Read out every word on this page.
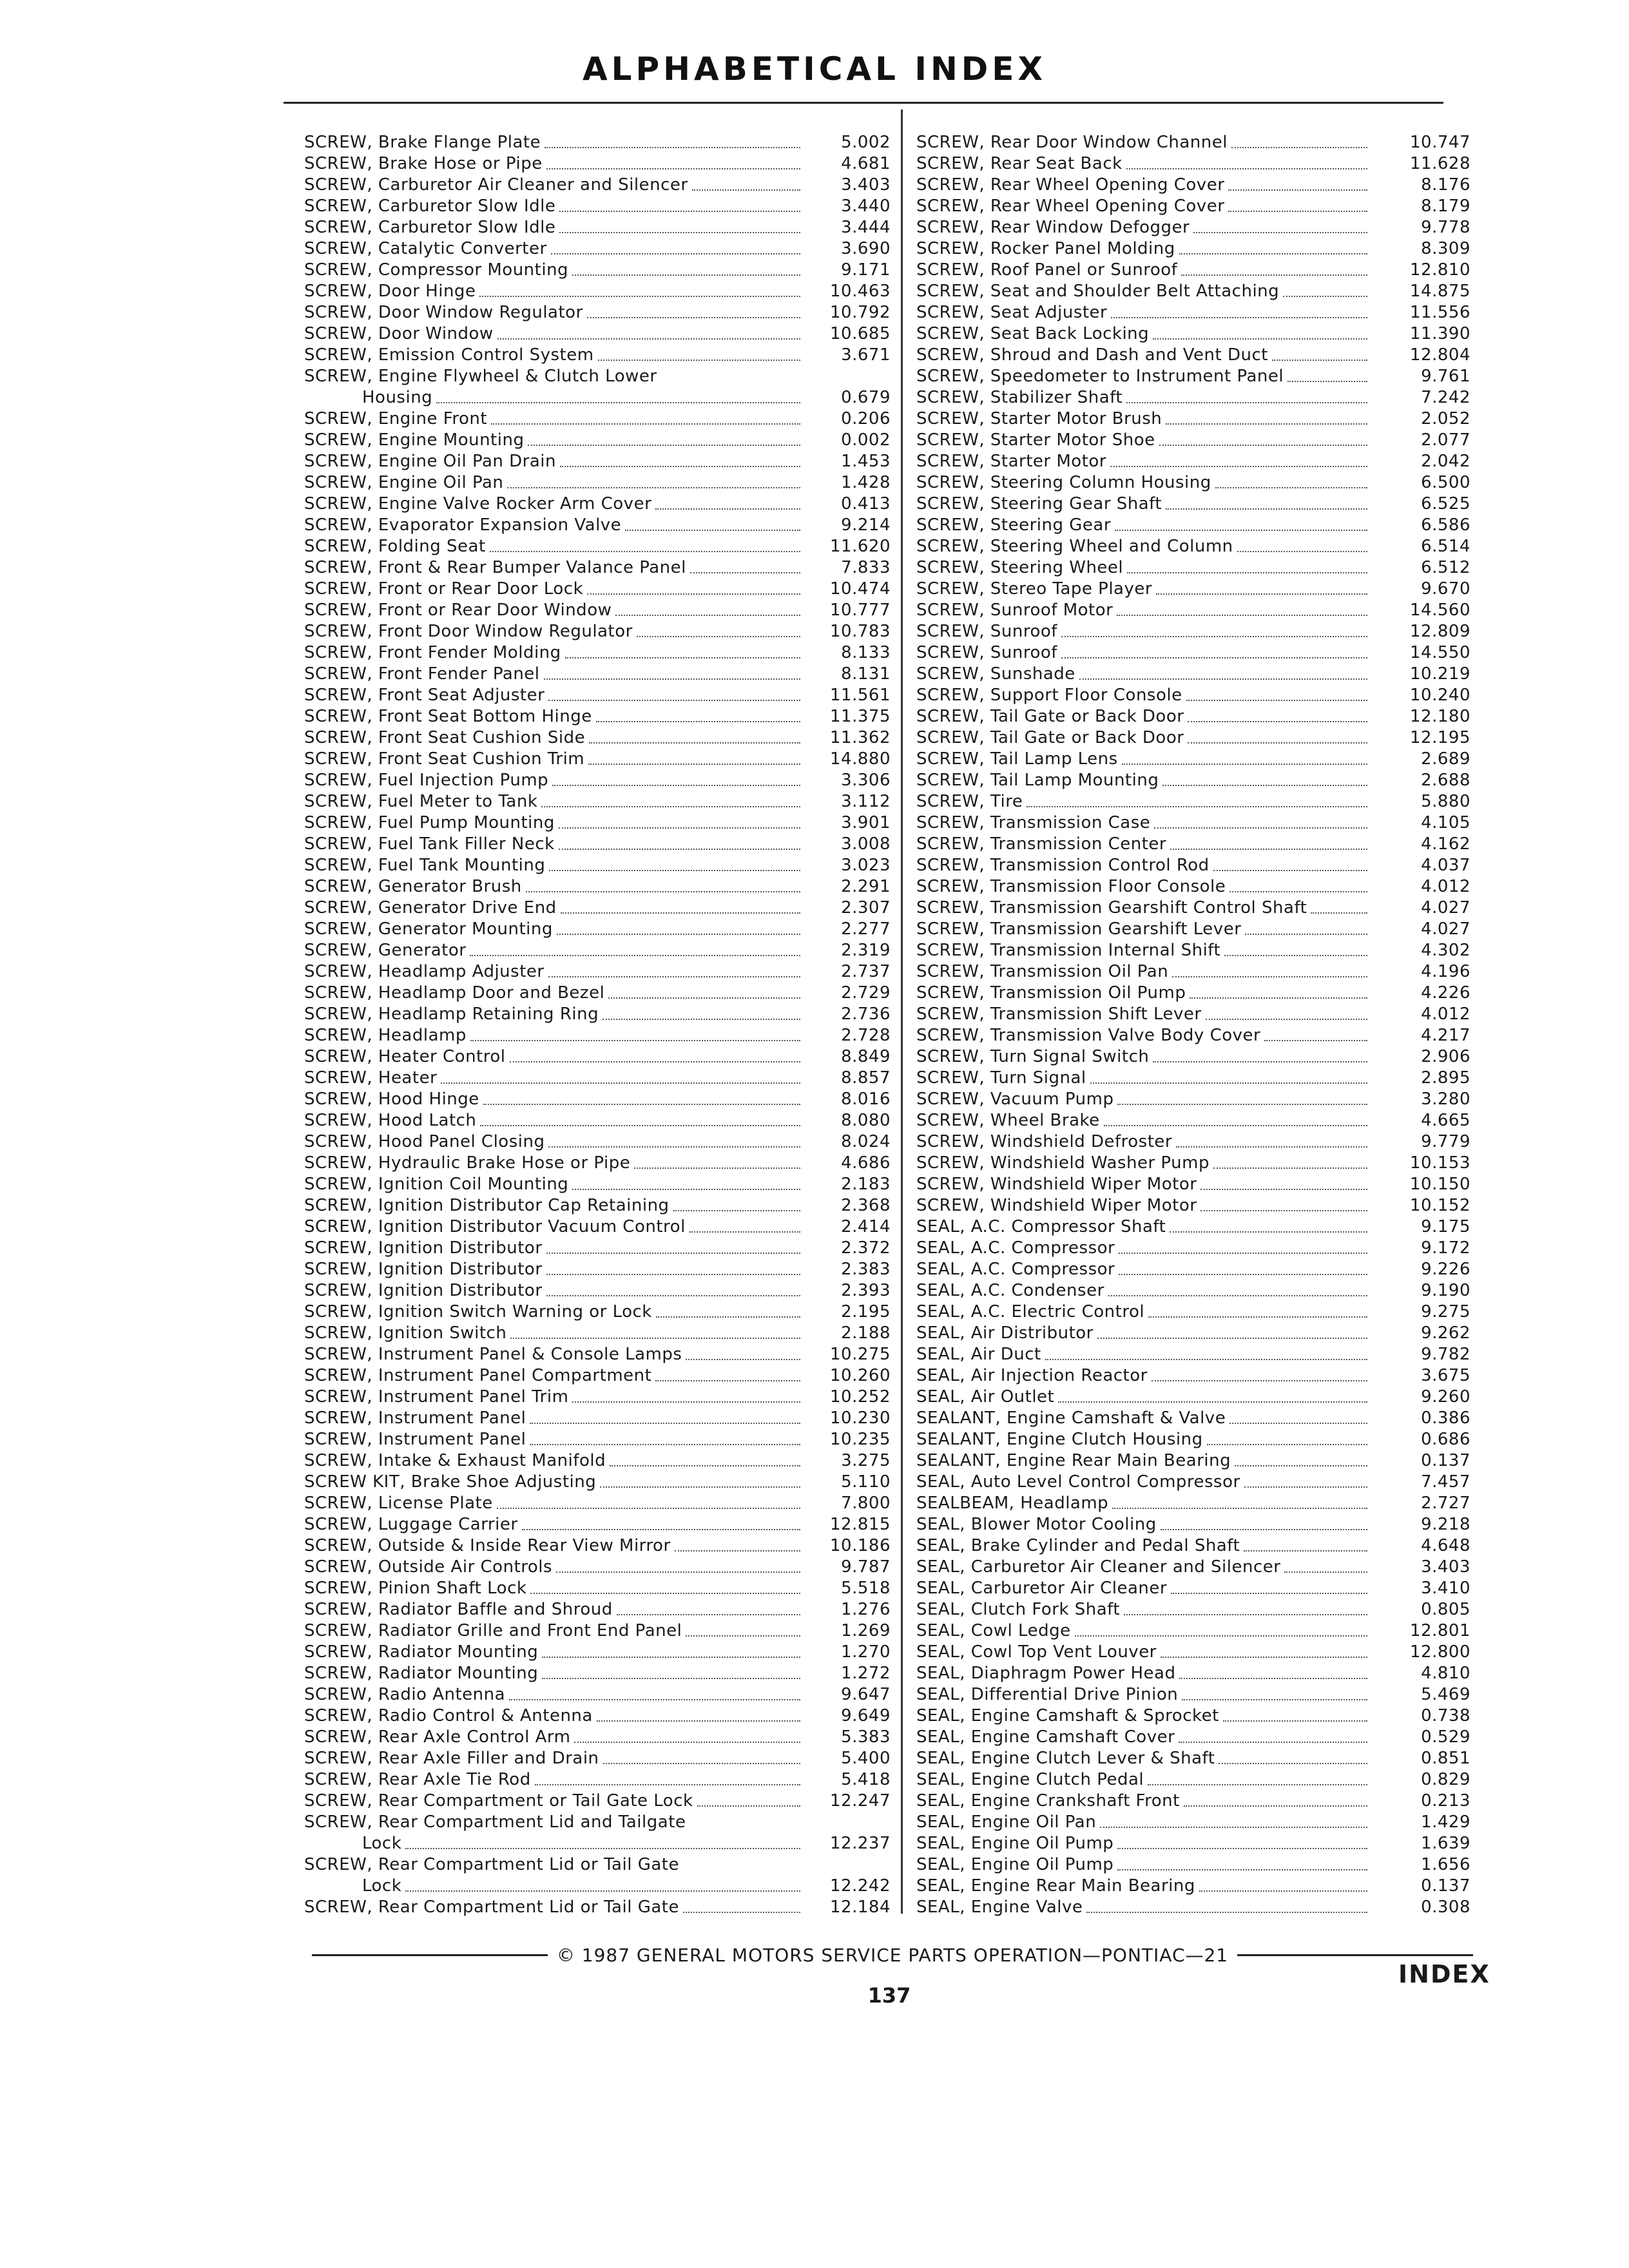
ALPHABETICAL INDEX
SCREW, Brake Flange Plate	5.002
SCREW, Brake Hose or Pipe	4.681
SCREW, Carburetor Air Cleaner and Silencer	3.403
SCREW, Carburetor Slow Idle	3.440
SCREW, Carburetor Slow Idle	3.444
SCREW, Catalytic Converter	3.690
SCREW, Compressor Mounting	9.171
SCREW, Door Hinge	10.463
SCREW, Door Window Regulator	10.792
SCREW, Door Window	10.685
SCREW, Emission Control System	3.671
SCREW, Engine Flywheel & Clutch Lower
Housing	0.679
SCREW, Engine Front	0.206
SCREW, Engine Mounting	0.002
SCREW, Engine Oil Pan Drain	1.453
SCREW, Engine Oil Pan	1.428
SCREW, Engine Valve Rocker Arm Cover	0.413
SCREW, Evaporator Expansion Valve	9.214
SCREW, Folding Seat	11.620
SCREW, Front & Rear Bumper Valance Panel	7.833
SCREW, Front or Rear Door Lock	10.474
SCREW, Front or Rear Door Window	10.777
SCREW, Front Door Window Regulator	10.783
SCREW, Front Fender Molding	8.133
SCREW, Front Fender Panel	8.131
SCREW, Front Seat Adjuster	11.561
SCREW, Front Seat Bottom Hinge	11.375
SCREW, Front Seat Cushion Side	11.362
SCREW, Front Seat Cushion Trim	14.880
SCREW, Fuel Injection Pump	3.306
SCREW, Fuel Meter to Tank	3.112
SCREW, Fuel Pump Mounting	3.901
SCREW, Fuel Tank Filler Neck	3.008
SCREW, Fuel Tank Mounting	3.023
SCREW, Generator Brush	2.291
SCREW, Generator Drive End	2.307
SCREW, Generator Mounting	2.277
SCREW, Generator	2.319
SCREW, Headlamp Adjuster	2.737
SCREW, Headlamp Door and Bezel	2.729
SCREW, Headlamp Retaining Ring	2.736
SCREW, Headlamp	2.728
SCREW, Heater Control	8.849
SCREW, Heater	8.857
SCREW, Hood Hinge	8.016
SCREW, Hood Latch	8.080
SCREW, Hood Panel Closing	8.024
SCREW, Hydraulic Brake Hose or Pipe	4.686
SCREW, Ignition Coil Mounting	2.183
SCREW, Ignition Distributor Cap Retaining	2.368
SCREW, Ignition Distributor Vacuum Control	2.414
SCREW, Ignition Distributor	2.372
SCREW, Ignition Distributor	2.383
SCREW, Ignition Distributor	2.393
SCREW, Ignition Switch Warning or Lock	2.195
SCREW, Ignition Switch	2.188
SCREW, Instrument Panel & Console Lamps	10.275
SCREW, Instrument Panel Compartment	10.260
SCREW, Instrument Panel Trim	10.252
SCREW, Instrument Panel	10.230
SCREW, Instrument Panel	10.235
SCREW, Intake & Exhaust Manifold	3.275
SCREW KIT, Brake Shoe Adjusting	5.110
SCREW, License Plate	7.800
SCREW, Luggage Carrier	12.815
SCREW, Outside & Inside Rear View Mirror	10.186
SCREW, Outside Air Controls	9.787
SCREW, Pinion Shaft Lock	5.518
SCREW, Radiator Baffle and Shroud	1.276
SCREW, Radiator Grille and Front End Panel	1.269
SCREW, Radiator Mounting	1.270
SCREW, Radiator Mounting	1.272
SCREW, Radio Antenna	9.647
SCREW, Radio Control & Antenna	9.649
SCREW, Rear Axle Control Arm	5.383
SCREW, Rear Axle Filler and Drain	5.400
SCREW, Rear Axle Tie Rod	5.418
SCREW, Rear Compartment or Tail Gate Lock	12.247
SCREW, Rear Compartment Lid and Tailgate
Lock	12.237
SCREW, Rear Compartment Lid or Tail Gate
Lock	12.242
SCREW, Rear Compartment Lid or Tail Gate	12.184
SCREW, Rear Door Window Channel	10.747
SCREW, Rear Seat Back	11.628
SCREW, Rear Wheel Opening Cover	8.176
SCREW, Rear Wheel Opening Cover	8.179
SCREW, Rear Window Defogger	9.778
SCREW, Rocker Panel Molding	8.309
SCREW, Roof Panel or Sunroof	12.810
SCREW, Seat and Shoulder Belt Attaching	14.875
SCREW, Seat Adjuster	11.556
SCREW, Seat Back Locking	11.390
SCREW, Shroud and Dash and Vent Duct	12.804
SCREW, Speedometer to Instrument Panel	9.761
SCREW, Stabilizer Shaft	7.242
SCREW, Starter Motor Brush	2.052
SCREW, Starter Motor Shoe	2.077
SCREW, Starter Motor	2.042
SCREW, Steering Column Housing	6.500
SCREW, Steering Gear Shaft	6.525
SCREW, Steering Gear	6.586
SCREW, Steering Wheel and Column	6.514
SCREW, Steering Wheel	6.512
SCREW, Stereo Tape Player	9.670
SCREW, Sunroof Motor	14.560
SCREW, Sunroof	12.809
SCREW, Sunroof	14.550
SCREW, Sunshade	10.219
SCREW, Support Floor Console	10.240
SCREW, Tail Gate or Back Door	12.180
SCREW, Tail Gate or Back Door	12.195
SCREW, Tail Lamp Lens	2.689
SCREW, Tail Lamp Mounting	2.688
SCREW, Tire	5.880
SCREW, Transmission Case	4.105
SCREW, Transmission Center	4.162
SCREW, Transmission Control Rod	4.037
SCREW, Transmission Floor Console	4.012
SCREW, Transmission Gearshift Control Shaft	4.027
SCREW, Transmission Gearshift Lever	4.027
SCREW, Transmission Internal Shift	4.302
SCREW, Transmission Oil Pan	4.196
SCREW, Transmission Oil Pump	4.226
SCREW, Transmission Shift Lever	4.012
SCREW, Transmission Valve Body Cover	4.217
SCREW, Turn Signal Switch	2.906
SCREW, Turn Signal	2.895
SCREW, Vacuum Pump	3.280
SCREW, Wheel Brake	4.665
SCREW, Windshield Defroster	9.779
SCREW, Windshield Washer Pump	10.153
SCREW, Windshield Wiper Motor	10.150
SCREW, Windshield Wiper Motor	10.152
SEAL, A.C. Compressor Shaft	9.175
SEAL, A.C. Compressor	9.172
SEAL, A.C. Compressor	9.226
SEAL, A.C. Condenser	9.190
SEAL, A.C. Electric Control	9.275
SEAL, Air Distributor	9.262
SEAL, Air Duct	9.782
SEAL, Air Injection Reactor	3.675
SEAL, Air Outlet	9.260
SEALANT, Engine Camshaft & Valve	0.386
SEALANT, Engine Clutch Housing	0.686
SEALANT, Engine Rear Main Bearing	0.137
SEAL, Auto Level Control Compressor	7.457
SEALBEAM, Headlamp	2.727
SEAL, Blower Motor Cooling	9.218
SEAL, Brake Cylinder and Pedal Shaft	4.648
SEAL, Carburetor Air Cleaner and Silencer	3.403
SEAL, Carburetor Air Cleaner	3.410
SEAL, Clutch Fork Shaft	0.805
SEAL, Cowl Ledge	12.801
SEAL, Cowl Top Vent Louver	12.800
SEAL, Diaphragm Power Head	4.810
SEAL, Differential Drive Pinion	5.469
SEAL, Engine Camshaft & Sprocket	0.738
SEAL, Engine Camshaft Cover	0.529
SEAL, Engine Clutch Lever & Shaft	0.851
SEAL, Engine Clutch Pedal	0.829
SEAL, Engine Crankshaft Front	0.213
SEAL, Engine Oil Pan	1.429
SEAL, Engine Oil Pump	1.639
SEAL, Engine Oil Pump	1.656
SEAL, Engine Rear Main Bearing	0.137
SEAL, Engine Valve	0.308
© 1987 GENERAL MOTORS SERVICE PARTS OPERATION—PONTIAC—21
137
INDEX
